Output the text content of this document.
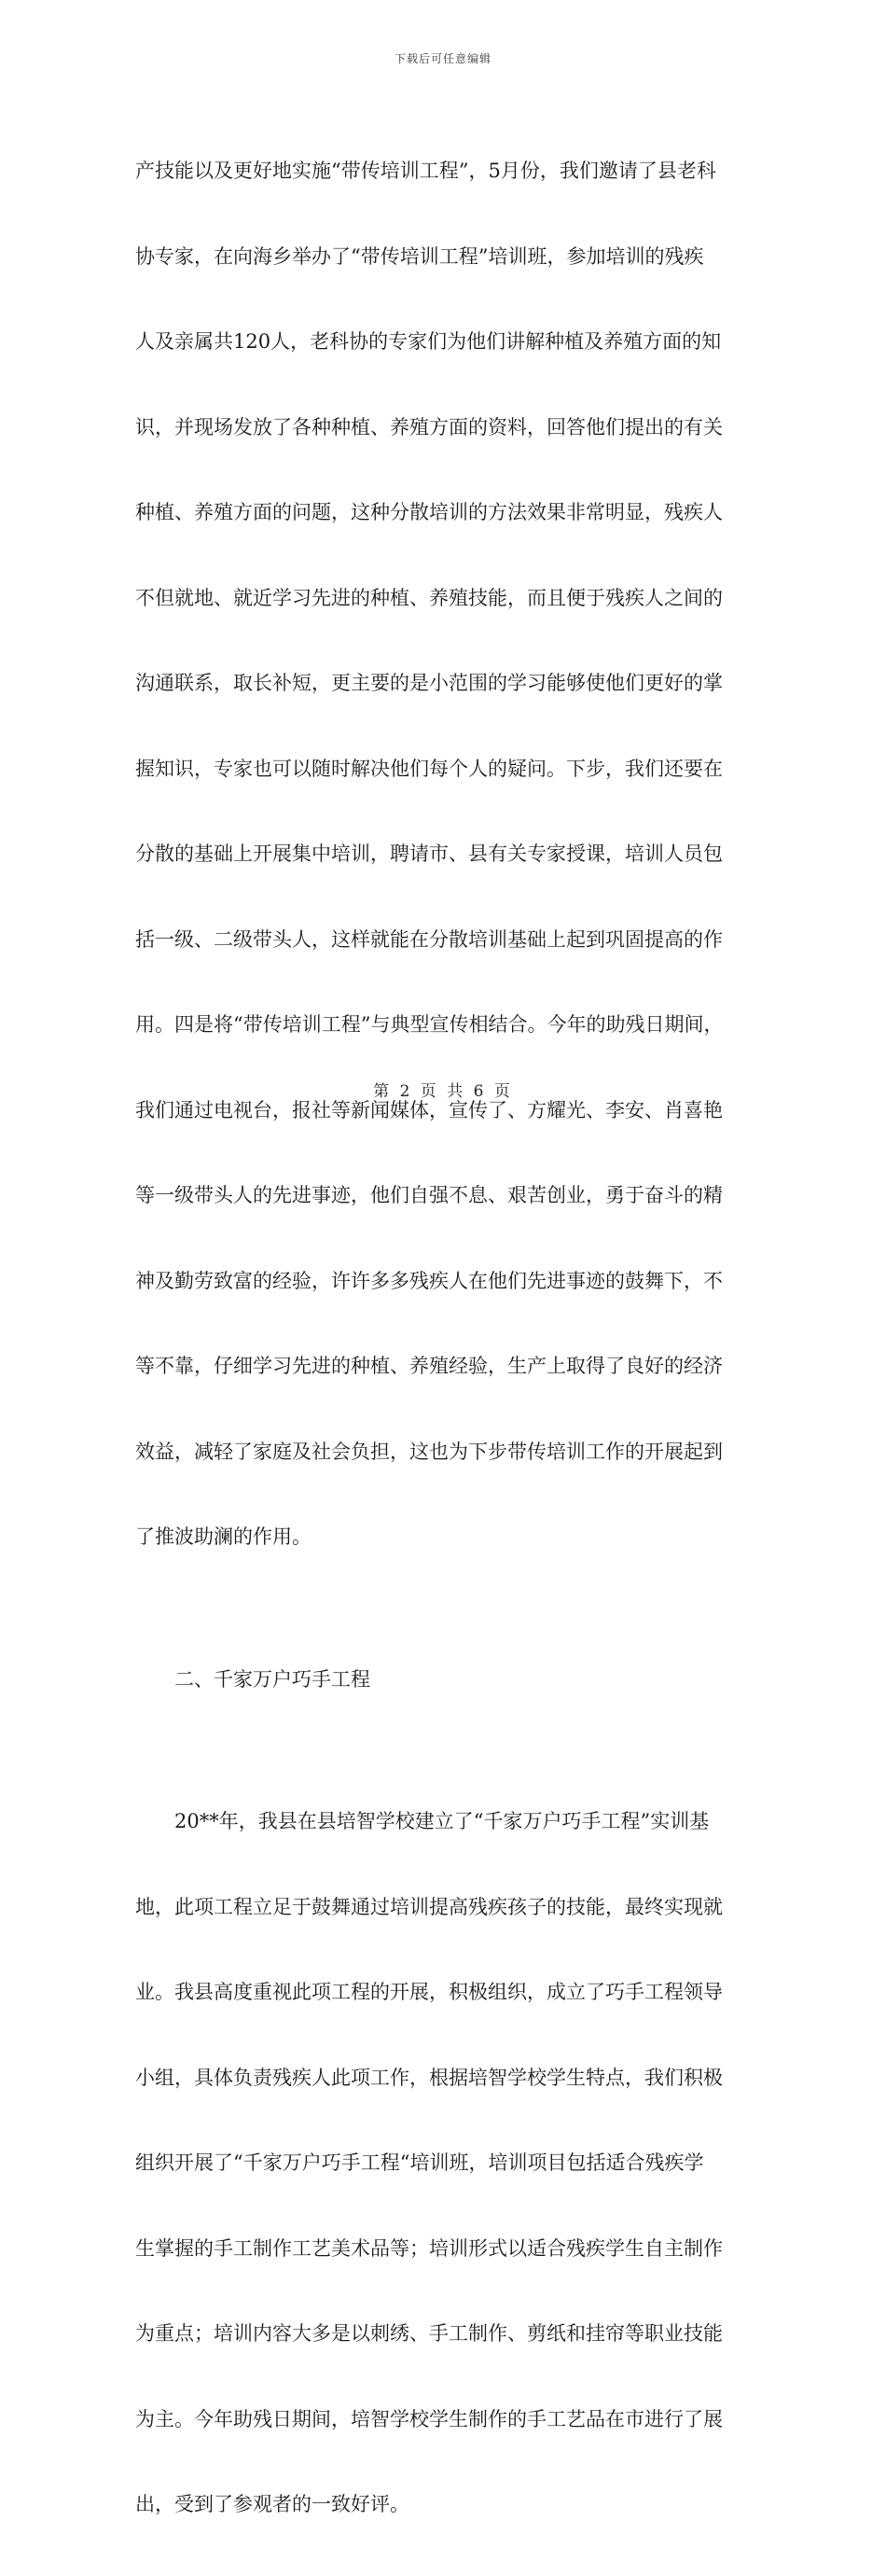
下载后可任意编辑

产技能以及更好地实施“带传培训工程”，5月份，我们邀请了县老科

协专家，在向海乡举办了“带传培训工程”培训班，参加培训的残疾

人及亲属共120人，老科协的专家们为他们讲解种植及养殖方面的知

识，并现场发放了各种种植、养殖方面的资料，回答他们提出的有关

种植、养殖方面的问题，这种分散培训的方法效果非常明显，残疾人

不但就地、就近学习先进的种植、养殖技能，而且便于残疾人之间的

沟通联系，取长补短，更主要的是小范围的学习能够使他们更好的掌

握知识，专家也可以随时解决他们每个人的疑问。下步，我们还要在

分散的基础上开展集中培训，聘请市、县有关专家授课，培训人员包

括一级、二级带头人，这样就能在分散培训基础上起到巩固提高的作

用。四是将“带传培训工程”与典型宣传相结合。今年的助残日期间，

我们通过电视台，报社等新闻媒体，宣传了、方耀光、李安、肖喜艳

等一级带头人的先进事迹，他们自强不息、艰苦创业，勇于奋斗的精

神及勤劳致富的经验，许许多多残疾人在他们先进事迹的鼓舞下，不

等不靠，仔细学习先进的种植、养殖经验，生产上取得了良好的经济

效益，减轻了家庭及社会负担，这也为下步带传培训工作的开展起到

了推波助澜的作用。

二、千家万户巧手工程

20**年，我县在县培智学校建立了“千家万户巧手工程”实训基

地，此项工程立足于鼓舞通过培训提高残疾孩子的技能，最终实现就

业。我县高度重视此项工程的开展，积极组织，成立了巧手工程领导

小组，具体负责残疾人此项工作，根据培智学校学生特点，我们积极

组织开展了“千家万户巧手工程“培训班，培训项目包括适合残疾学

生掌握的手工制作工艺美术品等；培训形式以适合残疾学生自主制作

为重点；培训内容大多是以刺绣、手工制作、剪纸和挂帘等职业技能

为主。今年助残日期间，培智学校学生制作的手工艺品在市进行了展

出，受到了参观者的一致好评。

第 2 页 共 6 页
